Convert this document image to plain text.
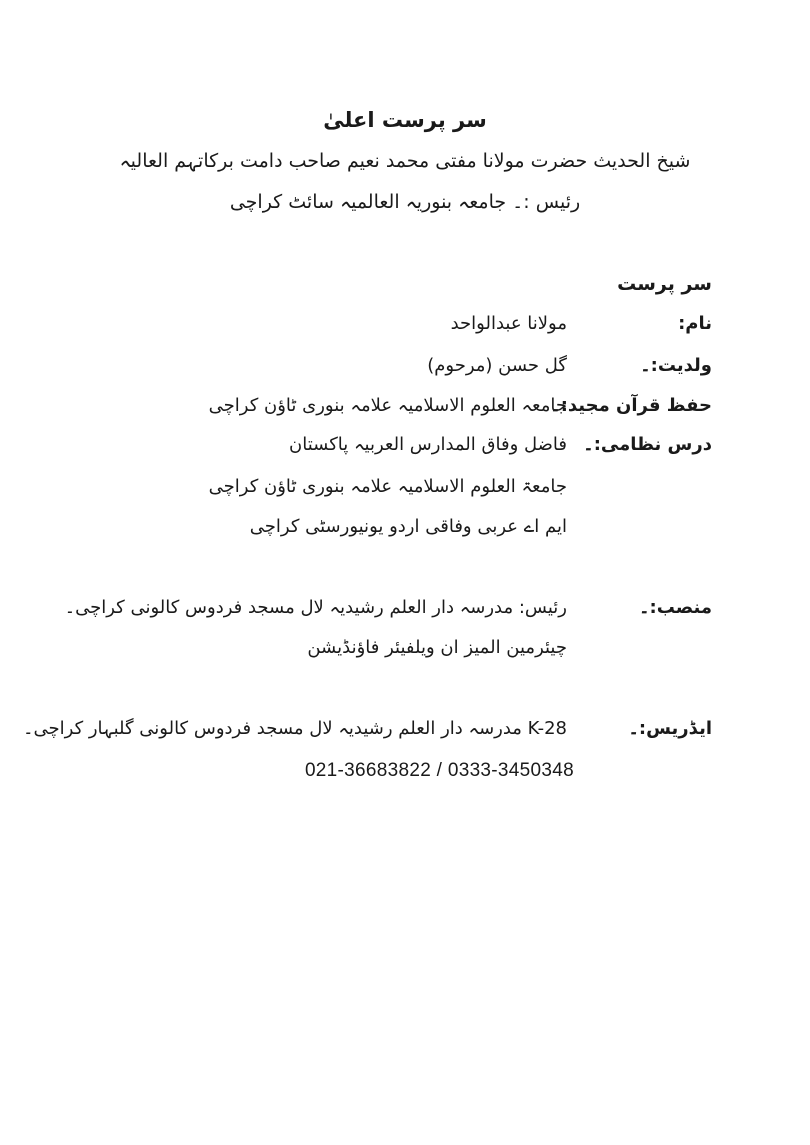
سر پرست اعلیٰ
شیخ الحدیث حضرت مولانا مفتی محمد نعیم صاحب دامت برکاتہم العالیہ
رئیس :۔ جامعہ بنوریہ العالمیہ سائٹ کراچی
سر پرست
نام:
مولانا عبدالواحد
ولدیت:۔
گل حسن (مرحوم)
حفظ قرآن مجید:۔
جامعہ العلوم الاسلامیہ علامہ بنوری ٹاؤن کراچی
درس نظامی:۔
فاضل وفاق المدارس العربیہ پاکستان
جامعۃ العلوم الاسلامیہ علامہ بنوری ٹاؤن کراچی
ایم اے عربی وفاقی اردو یونیورسٹی کراچی
منصب:۔
رئیس: مدرسہ دار العلم رشیدیہ لال مسجد فردوس کالونی کراچی۔
چیئرمین المیز ان ویلفیئر فاؤنڈیشن
ایڈریس:۔
K-28 مدرسہ دار العلم رشیدیہ لال مسجد فردوس کالونی گلبہار کراچی۔
021-36683822 / 0333-3450348
